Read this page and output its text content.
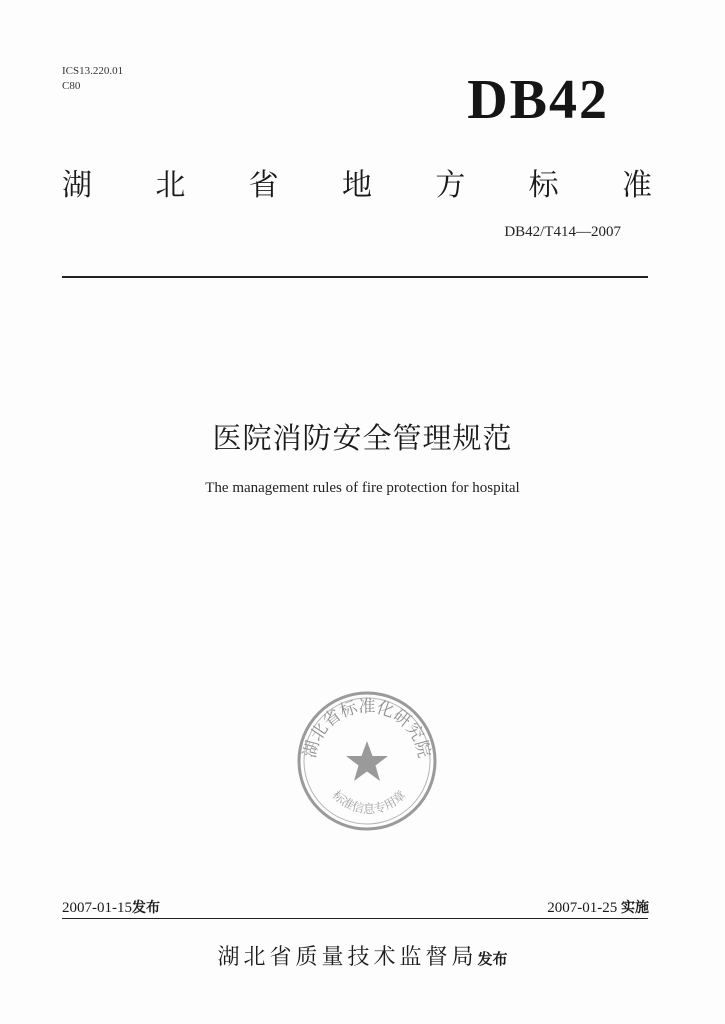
ICS13.220.01
C80	DB42
湖 北 省 地 方 标 准
DB42/T414—2007
医院消防安全管理规范
The management rules of fire protection for hospital
湖北省标准化研究院
标准信息专用章
2007-01-15发布	2007-01-25 实施
湖北省质量技术监督局发布
